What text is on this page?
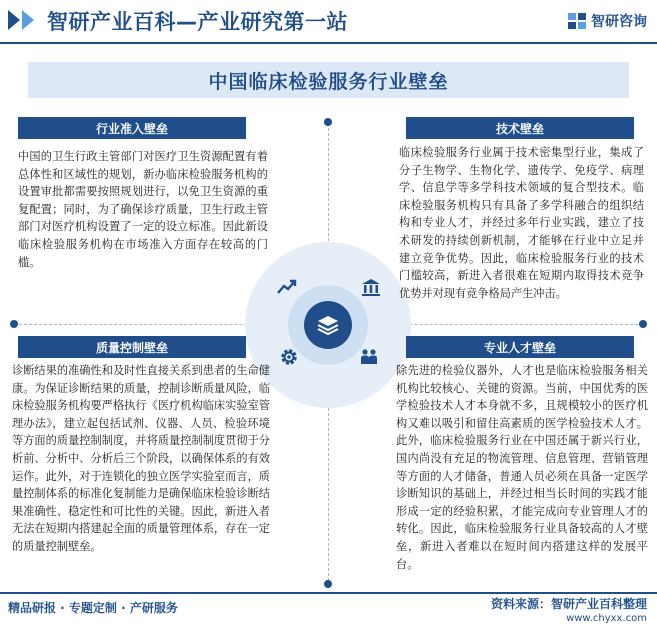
智研产业百科—产业研究第一站	智研咨询
中国临床检验服务行业壁垒
行业准入壁垒
中国的卫生行政主管部门对医疗卫生资源配置有着总体性和区域性的规划，新办临床检验服务机构的设置审批都需要按照规划进行，以免卫生资源的重复配置；同时，为了确保诊疗质量，卫生行政主管部门对医疗机构设置了一定的设立标准。因此新设临床检验服务机构在市场准入方面存在较高的门槛。
技术壁垒
临床检验服务行业属于技术密集型行业，集成了分子生物学、生物化学、遗传学、免疫学、病理学、信息学等多学科技术领域的复合型技术。临床检验服务机构只有具备了多学科融合的组织结构和专业人才，并经过多年行业实践，建立了技术研发的持续创新机制，才能够在行业中立足并建立竞争优势。因此，临床检验服务行业的技术门槛较高，新进入者很难在短期内取得技术竞争优势并对现有竞争格局产生冲击。
质量控制壁垒
诊断结果的准确性和及时性直接关系到患者的生命健康。为保证诊断结果的质量，控制诊断质量风险，临床检验服务机构要严格执行《医疗机构临床实验室管理办法》，建立起包括试剂、仪器、人员、检验环境等方面的质量控制制度，并将质量控制制度贯彻于分析前、分析中、分析后三个阶段，以确保体系的有效运作。此外，对于连锁化的独立医学实验室而言，质量控制体系的标准化复制能力是确保临床检验诊断结果准确性、稳定性和可比性的关键。因此，新进入者无法在短期内搭建起全面的质量管理体系，存在一定的质量控制壁垒。
专业人才壁垒
除先进的检验仪器外，人才也是临床检验服务相关机构比较核心、关键的资源。当前，中国优秀的医学检验技术人才本身就不多，且规模较小的医疗机构又难以吸引和留住高素质的医学检验技术人才。此外，临床检验服务行业在中国还属于新兴行业，国内尚没有充足的物流管理、信息管理、营销管理等方面的人才储备，普通人员必须在具备一定医学诊断知识的基础上，并经过相当长时间的实践才能形成一定的经验积累，才能完成向专业管理人才的转化。因此，临床检验服务行业具备较高的人才壁垒，新进入者难以在短时间内搭建这样的发展平台。
精品研报 · 专题定制 · 产研服务	资料来源：智研产业百科整理
www.chyxx.com
